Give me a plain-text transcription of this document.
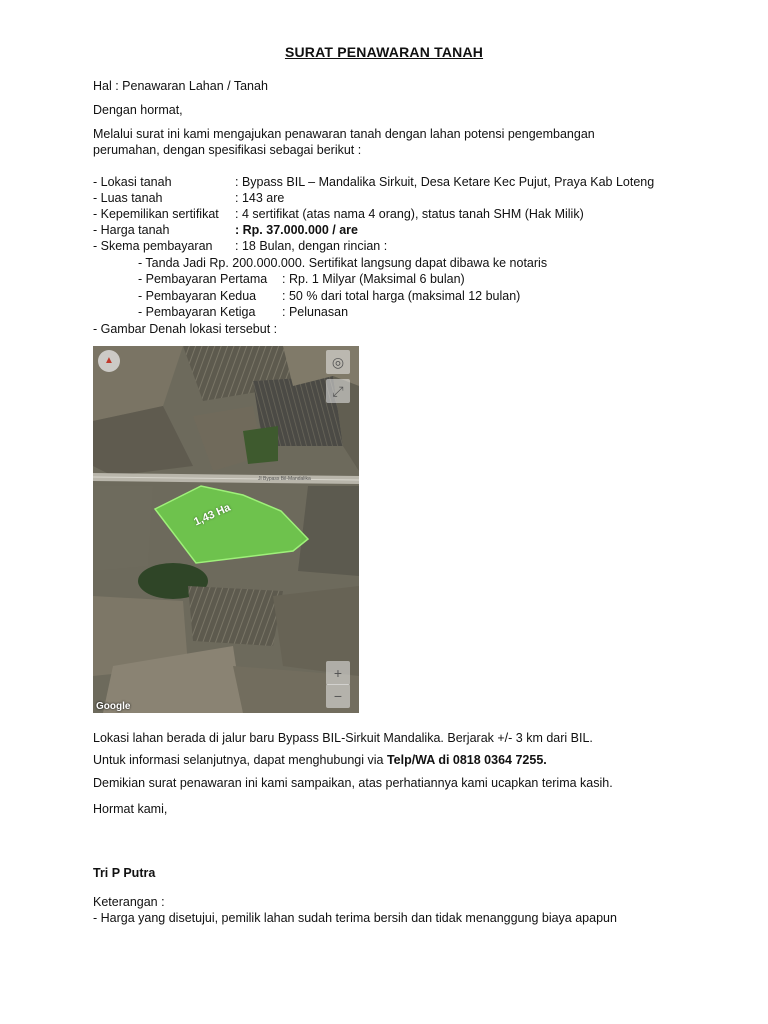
SURAT PENAWARAN TANAH
Hal : Penawaran Lahan / Tanah
Dengan hormat,
Melalui surat ini kami mengajukan penawaran tanah dengan lahan potensi pengembangan
perumahan, dengan spesifikasi sebagai berikut :
- Lokasi tanah	: Bypass BIL – Mandalika Sirkuit, Desa Ketare Kec Pujut, Praya Kab Loteng
- Luas tanah	: 143 are
- Kepemilikan sertifikat : 4 sertifikat (atas nama 4 orang), status tanah SHM (Hak Milik)
- Harga tanah	: Rp. 37.000.000 / are
- Skema pembayaran : 18 Bulan, dengan rincian :
- Tanda Jadi Rp. 200.000.000. Sertifikat langsung dapat dibawa ke notaris
- Pembayaran Pertama : Rp. 1 Milyar (Maksimal 6 bulan)
- Pembayaran Kedua : 50 % dari total harga (maksimal 12 bulan)
- Pembayaran Ketiga : Pelunasan
- Gambar Denah lokasi tersebut :
Jl Bypass Bil-Mandalika
1,43 Ha
▲	◎
⤢
+
−
Google
Lokasi lahan berada di jalur baru Bypass BIL-Sirkuit Mandalika. Berjarak +/- 3 km dari BIL.
Untuk informasi selanjutnya, dapat menghubungi via Telp/WA di 0818 0364 7255.
Demikian surat penawaran ini kami sampaikan, atas perhatiannya kami ucapkan terima kasih.
Hormat kami,
Tri P Putra
Keterangan :
- Harga yang disetujui, pemilik lahan sudah terima bersih dan tidak menanggung biaya apapun
